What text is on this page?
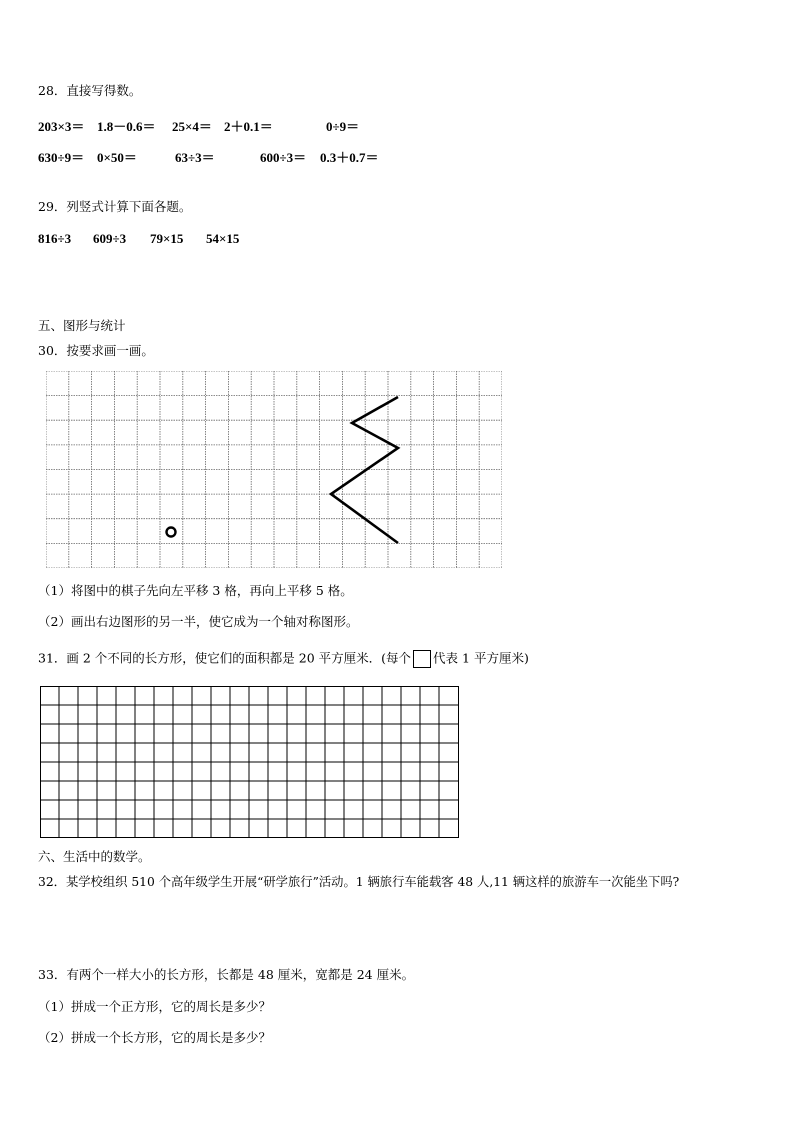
28．直接写得数。
203×3＝ 1.8－0.6＝ 25×4＝ 2＋0.1＝	0÷9＝
630÷9＝ 0×50＝	63÷3＝	600÷3＝ 0.3＋0.7＝
29．列竖式计算下面各题。
816÷3 609÷3 79×15 54×15
五、图形与统计
30．按要求画一画。
（1）将图中的棋子先向左平移 3 格，再向上平移 5 格。
（2）画出右边图形的另一半，使它成为一个轴对称图形。
31．画 2 个不同的长方形，使它们的面积都是 20 平方厘米．(每个 代表 1 平方厘米)
六、生活中的数学。
32．某学校组织 510 个高年级学生开展“研学旅行”活动。1 辆旅行车能载客 48 人,11 辆这样的旅游车一次能坐下吗?
33．有两个一样大小的长方形，长都是 48 厘米，宽都是 24 厘米。
（1）拼成一个正方形，它的周长是多少？
（2）拼成一个长方形，它的周长是多少？
